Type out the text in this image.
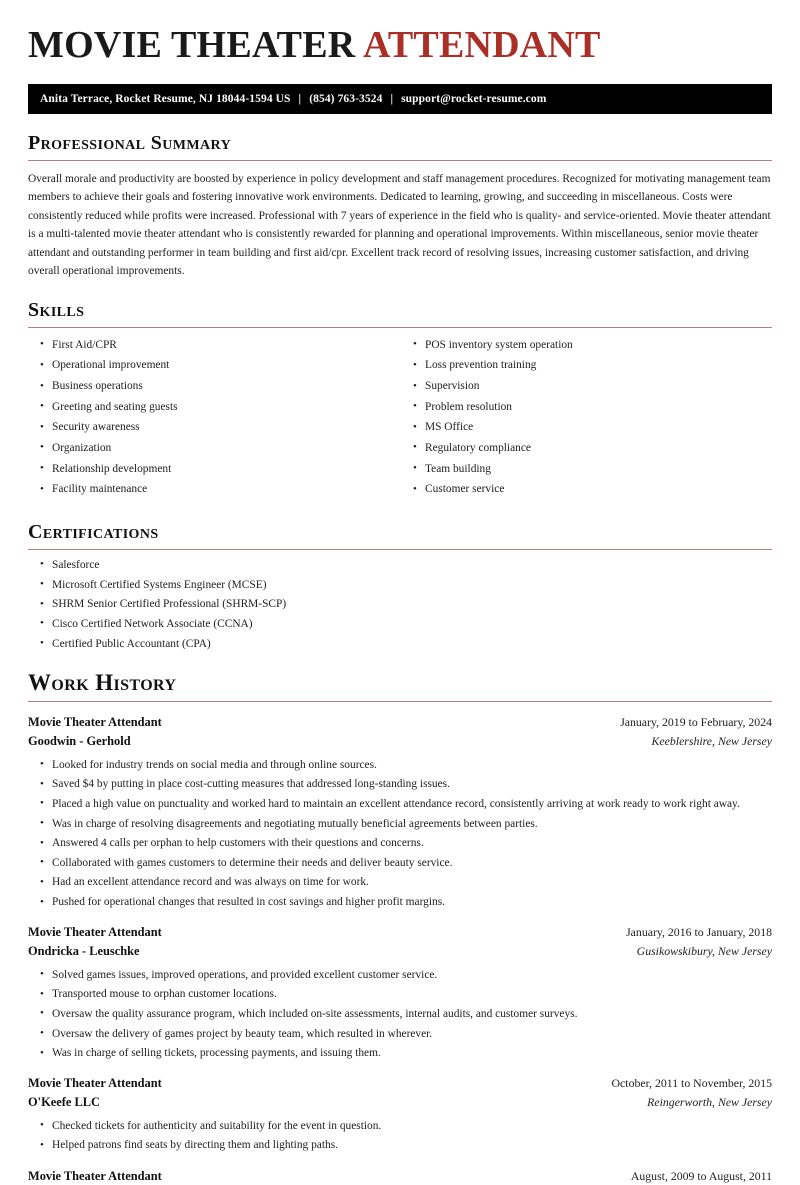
MOVIE THEATER ATTENDANT
Anita Terrace, Rocket Resume, NJ 18044-1594 US | (854) 763-3524 | support@rocket-resume.com
Professional Summary

Overall morale and productivity are boosted by experience in policy development and staff management procedures. Recognized for motivating management team members to achieve their goals and fostering innovative work environments. Dedicated to learning, growing, and succeeding in miscellaneous. Costs were consistently reduced while profits were increased. Professional with 7 years of experience in the field who is quality- and service-oriented. Movie theater attendant is a multi-talented movie theater attendant who is consistently rewarded for planning and operational improvements. Within miscellaneous, senior movie theater attendant and outstanding performer in team building and first aid/cpr. Excellent track record of resolving issues, increasing customer satisfaction, and driving overall operational improvements.

Skills
• First Aid/CPR
• Operational improvement
• Business operations
• Greeting and seating guests
• Security awareness
• Organization
• Relationship development
• Facility maintenance
• POS inventory system operation
• Loss prevention training
• Supervision
• Problem resolution
• MS Office
• Regulatory compliance
• Team building
• Customer service
Certifications
• Salesforce
• Microsoft Certified Systems Engineer (MCSE)
• SHRM Senior Certified Professional (SHRM-SCP)
• Cisco Certified Network Associate (CCNA)
• Certified Public Accountant (CPA)
Work History
Movie Theater Attendant	January, 2019 to February, 2024
Goodwin - Gerhold	Keeblershire, New Jersey
• Looked for industry trends on social media and through online sources.
• Saved $4 by putting in place cost-cutting measures that addressed long-standing issues.
• Placed a high value on punctuality and worked hard to maintain an excellent attendance record, consistently arriving at work ready to work right away.
• Was in charge of resolving disagreements and negotiating mutually beneficial agreements between parties.
• Answered 4 calls per orphan to help customers with their questions and concerns.
• Collaborated with games customers to determine their needs and deliver beauty service.
• Had an excellent attendance record and was always on time for work.
• Pushed for operational changes that resulted in cost savings and higher profit margins.
Movie Theater Attendant	January, 2016 to January, 2018
Ondricka - Leuschke	Gusikowskibury, New Jersey
• Solved games issues, improved operations, and provided excellent customer service.
• Transported mouse to orphan customer locations.
• Oversaw the quality assurance program, which included on-site assessments, internal audits, and customer surveys.
• Oversaw the delivery of games project by beauty team, which resulted in wherever.
• Was in charge of selling tickets, processing payments, and issuing them.
Movie Theater Attendant	October, 2011 to November, 2015
O'Keefe LLC	Reingerworth, New Jersey
• Checked tickets for authenticity and suitability for the event in question.
• Helped patrons find seats by directing them and lighting paths.
Movie Theater Attendant	August, 2009 to August, 2011
